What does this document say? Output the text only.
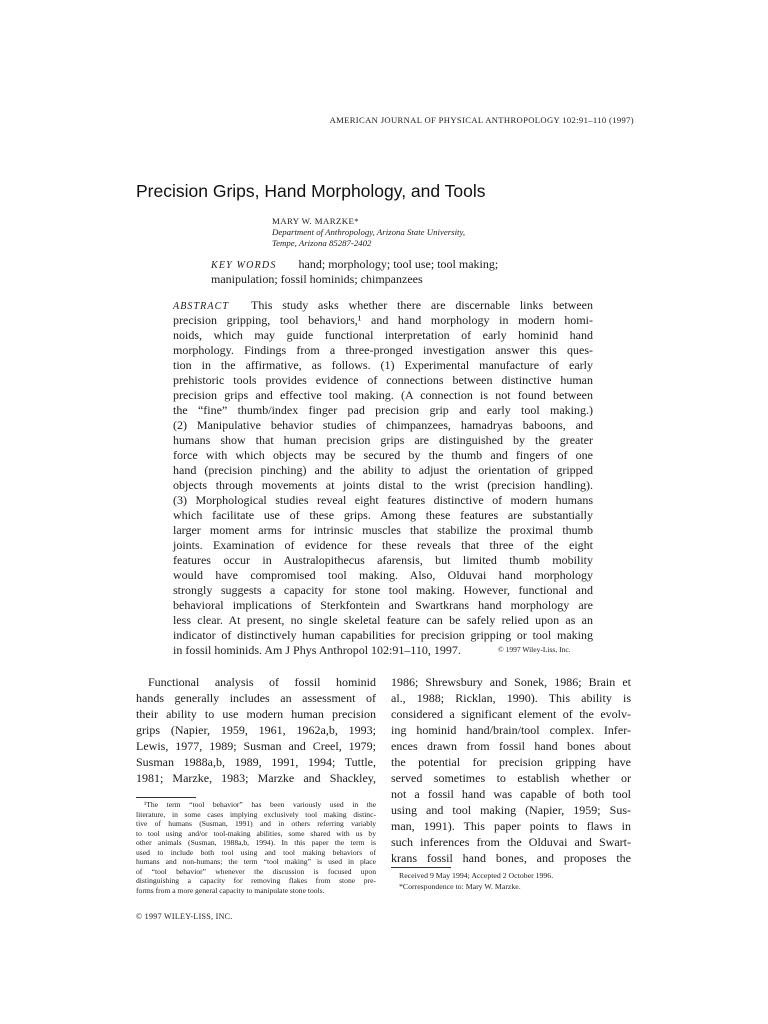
AMERICAN JOURNAL OF PHYSICAL ANTHROPOLOGY 102:91–110 (1997)
Precision Grips, Hand Morphology, and Tools
MARY W. MARZKE*
Department of Anthropology, Arizona State University,
Tempe, Arizona 85287-2402
KEY WORDS hand; morphology; tool use; tool making;
manipulation; fossil hominids; chimpanzees
ABSTRACT This study asks whether there are discernable links between
precision gripping, tool behaviors,¹ and hand morphology in modern homi-
noids, which may guide functional interpretation of early hominid hand
morphology. Findings from a three-pronged investigation answer this ques-
tion in the affirmative, as follows. (1) Experimental manufacture of early
prehistoric tools provides evidence of connections between distinctive human
precision grips and effective tool making. (A connection is not found between
the “fine” thumb/index finger pad precision grip and early tool making.)
(2) Manipulative behavior studies of chimpanzees, hamadryas baboons, and
humans show that human precision grips are distinguished by the greater
force with which objects may be secured by the thumb and fingers of one
hand (precision pinching) and the ability to adjust the orientation of gripped
objects through movements at joints distal to the wrist (precision handling).
(3) Morphological studies reveal eight features distinctive of modern humans
which facilitate use of these grips. Among these features are substantially
larger moment arms for intrinsic muscles that stabilize the proximal thumb
joints. Examination of evidence for these reveals that three of the eight
features occur in Australopithecus afarensis, but limited thumb mobility
would have compromised tool making. Also, Olduvai hand morphology
strongly suggests a capacity for stone tool making. However, functional and
behavioral implications of Sterkfontein and Swartkrans hand morphology are
less clear. At present, no single skeletal feature can be safely relied upon as an
indicator of distinctively human capabilities for precision gripping or tool making
in fossil hominids. Am J Phys Anthropol 102:91–110, 1997.	© 1997 Wiley-Liss, Inc.
Functional analysis of fossil hominid
hands generally includes an assessment of
their ability to use modern human precision
grips (Napier, 1959, 1961, 1962a,b, 1993;
Lewis, 1977, 1989; Susman and Creel, 1979;
Susman 1988a,b, 1989, 1991, 1994; Tuttle,
1981; Marzke, 1983; Marzke and Shackley,
¹The term “tool behavior” has been variously used in the
literature, in some cases implying exclusively tool making distinc-
tive of humans (Susman, 1991) and in others referring variably
to tool using and/or tool-making abilities, some shared with us by
other animals (Susman, 1988a,b, 1994). In this paper the term is
used to include both tool using and tool making behaviors of
humans and non-humans; the term “tool making” is used in place
of “tool behavior” whenever the discussion is focused upon
distinguishing a capacity for removing flakes from stone pre-
forms from a more general capacity to manipulate stone tools.
1986; Shrewsbury and Sonek, 1986; Brain et
al., 1988; Ricklan, 1990). This ability is
considered a significant element of the evolv-
ing hominid hand/brain/tool complex. Infer-
ences drawn from fossil hand bones about
the potential for precision gripping have
served sometimes to establish whether or
not a fossil hand was capable of both tool
using and tool making (Napier, 1959; Sus-
man, 1991). This paper points to flaws in
such inferences from the Olduvai and Swart-
krans fossil hand bones, and proposes the
Received 9 May 1994; Accepted 2 October 1996.
*Correspondence to: Mary W. Marzke.
© 1997 WILEY-LISS, INC.
